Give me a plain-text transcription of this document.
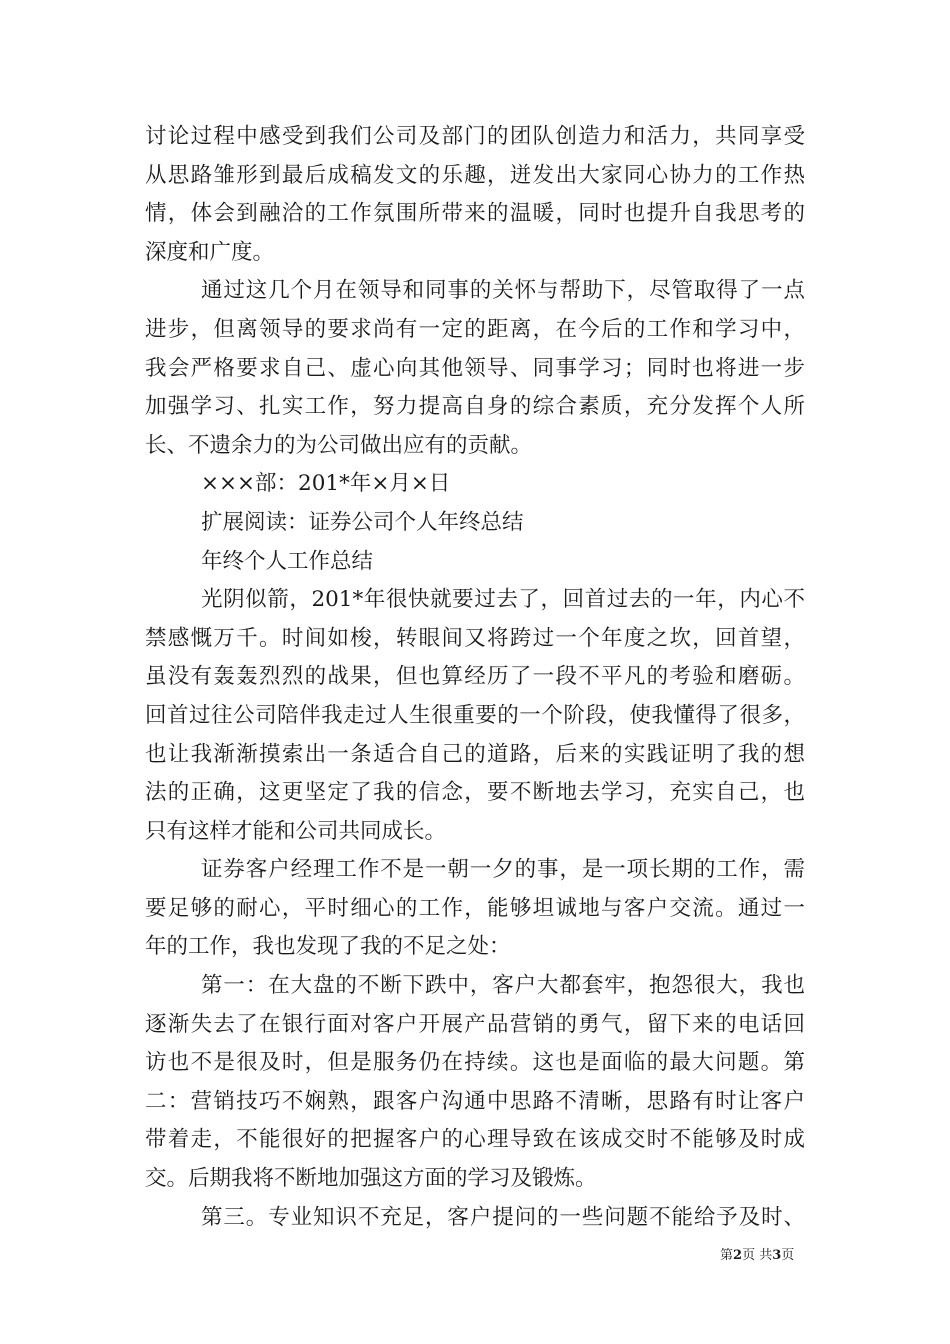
讨论过程中感受到我们公司及部门的团队创造力和活力，共同享受
从思路雏形到最后成稿发文的乐趣，迸发出大家同心协力的工作热
情，体会到融洽的工作氛围所带来的温暖，同时也提升自我思考的
深度和广度。
通过这几个月在领导和同事的关怀与帮助下，尽管取得了一点
进步，但离领导的要求尚有一定的距离，在今后的工作和学习中，
我会严格要求自己、虚心向其他领导、同事学习；同时也将进一步
加强学习、扎实工作，努力提高自身的综合素质，充分发挥个人所
长、不遗余力的为公司做出应有的贡献。
×××部：201*年×月×日
扩展阅读：证券公司个人年终总结
年终个人工作总结
光阴似箭，201*年很快就要过去了，回首过去的一年，内心不
禁感慨万千。时间如梭，转眼间又将跨过一个年度之坎，回首望，
虽没有轰轰烈烈的战果，但也算经历了一段不平凡的考验和磨砺。
回首过往公司陪伴我走过人生很重要的一个阶段，使我懂得了很多，
也让我渐渐摸索出一条适合自己的道路，后来的实践证明了我的想
法的正确，这更坚定了我的信念，要不断地去学习，充实自己，也
只有这样才能和公司共同成长。
证券客户经理工作不是一朝一夕的事，是一项长期的工作，需
要足够的耐心，平时细心的工作，能够坦诚地与客户交流。通过一
年的工作，我也发现了我的不足之处：
第一：在大盘的不断下跌中，客户大都套牢，抱怨很大，我也
逐渐失去了在银行面对客户开展产品营销的勇气，留下来的电话回
访也不是很及时，但是服务仍在持续。这也是面临的最大问题。第
二：营销技巧不娴熟，跟客户沟通中思路不清晰，思路有时让客户
带着走，不能很好的把握客户的心理导致在该成交时不能够及时成
交。后期我将不断地加强这方面的学习及锻炼。
第三。专业知识不充足，客户提问的一些问题不能给予及时、
第2页 共3页
